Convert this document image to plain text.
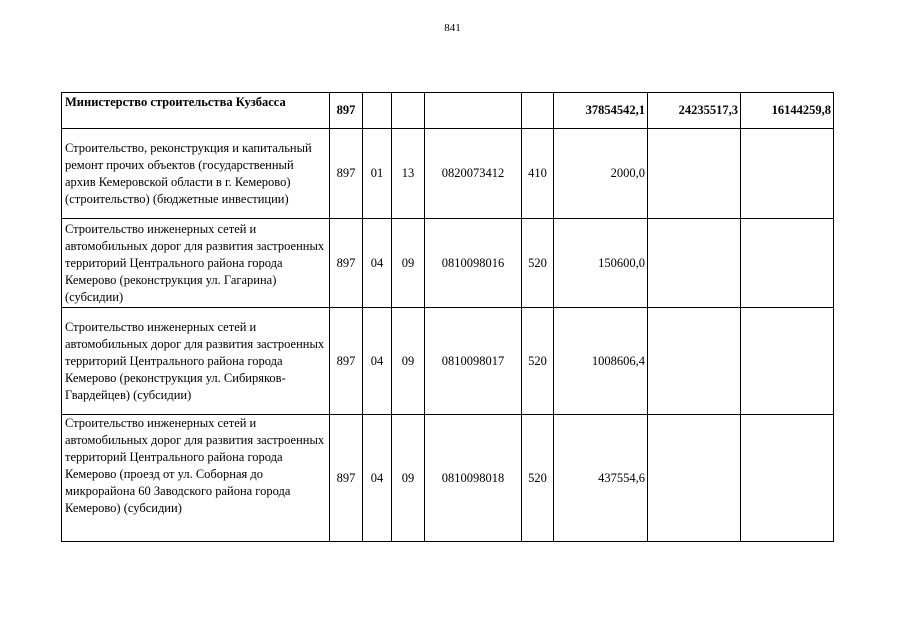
841
Министерство строительства Кузбасса	897					37854542,1	24235517,3	16144259,8
Строительство, реконструкция и капитальный ремонт прочих объектов (государственный архив Кемеровской области в г. Кемерово) (строительство) (бюджетные инвестиции)	897	01	13	0820073412	410	2000,0		
Строительство инженерных сетей и автомобильных дорог для развития застроенных территорий Центрального района города Кемерово (реконструкция ул. Гагарина) (субсидии)	897	04	09	0810098016	520	150600,0		
Строительство инженерных сетей и автомобильных дорог для развития застроенных территорий Центрального района города Кемерово (реконструкция ул. Сибиряков-Гвардейцев) (субсидии)	897	04	09	0810098017	520	1008606,4		
Строительство инженерных сетей и автомобильных дорог для развития застроенных территорий Центрального района города Кемерово (проезд от ул. Соборная до микрорайона 60 Заводского района города Кемерово) (субсидии)	897	04	09	0810098018	520	437554,6		
